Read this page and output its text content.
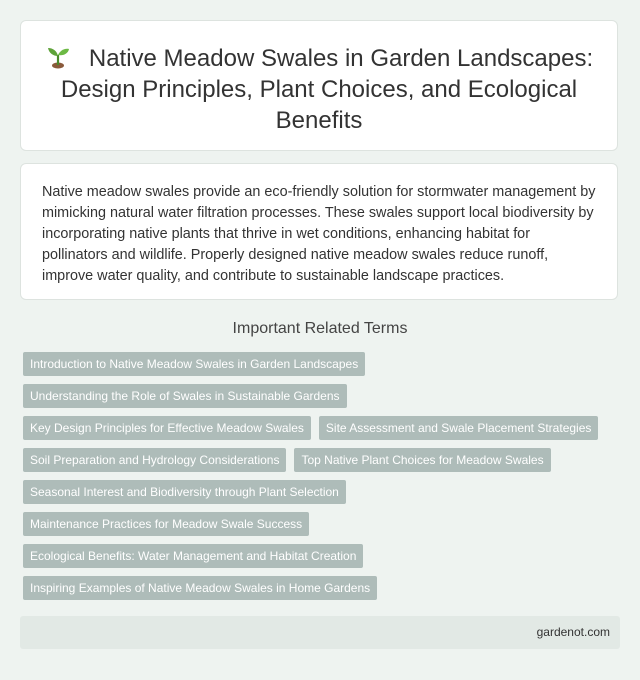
Native Meadow Swales in Garden Landscapes: Design Principles, Plant Choices, and Ecological Benefits

Native meadow swales provide an eco-friendly solution for stormwater management by mimicking natural water filtration processes. These swales support local biodiversity by incorporating native plants that thrive in wet conditions, enhancing habitat for pollinators and wildlife. Properly designed native meadow swales reduce runoff, improve water quality, and contribute to sustainable landscape practices.

Important Related Terms
Introduction to Native Meadow Swales in Garden Landscapes
Understanding the Role of Swales in Sustainable Gardens
Key Design Principles for Effective Meadow Swales	Site Assessment and Swale Placement Strategies
Soil Preparation and Hydrology Considerations	Top Native Plant Choices for Meadow Swales
Seasonal Interest and Biodiversity through Plant Selection
Maintenance Practices for Meadow Swale Success
Ecological Benefits: Water Management and Habitat Creation
Inspiring Examples of Native Meadow Swales in Home Gardens
gardenot.com
